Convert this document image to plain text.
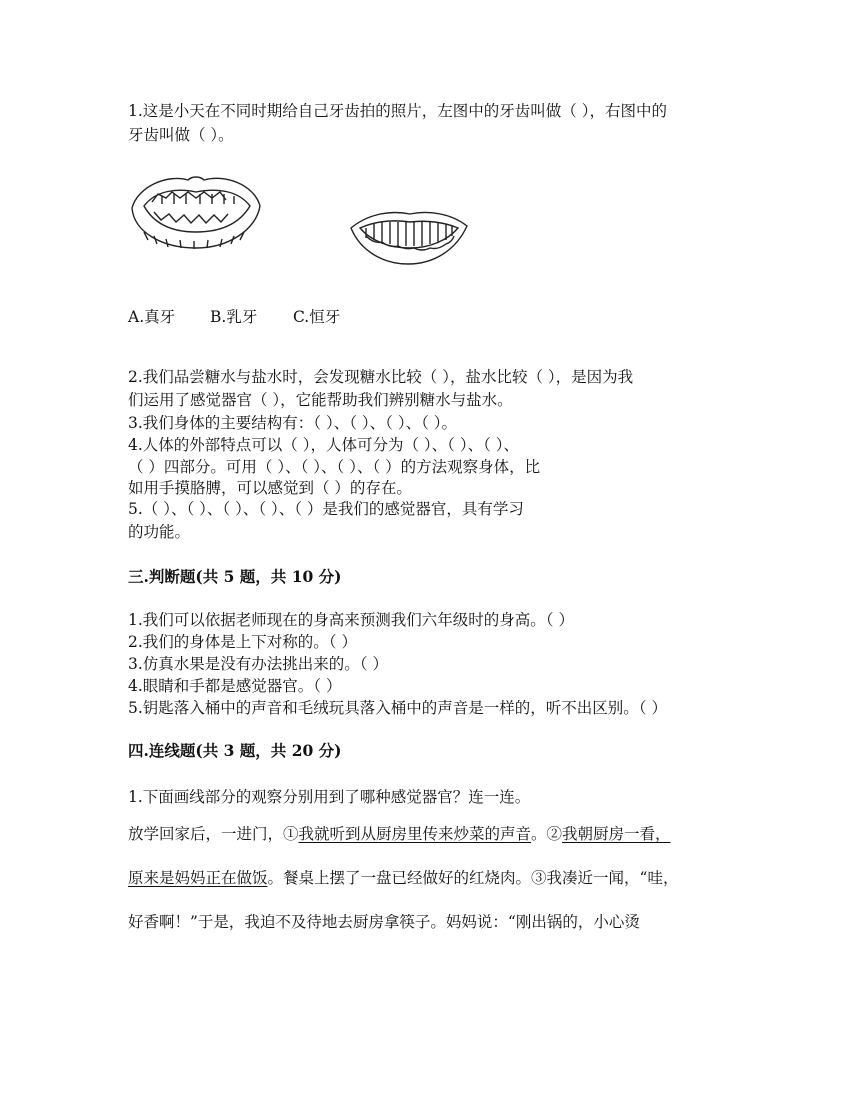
1.这是小天在不同时期给自己牙齿拍的照片，左图中的牙齿叫做（ ），右图中的
牙齿叫做（ ）。
A.真牙 B.乳牙 C.恒牙
2.我们品尝糖水与盐水时，会发现糖水比较（ ），盐水比较（ ），是因为我
们运用了感觉器官（ ），它能帮助我们辨别糖水与盐水。
3.我们身体的主要结构有：（ ）、（ ）、（ ）、（ ）。
4.人体的外部特点可以（ ），人体可分为（ ）、（ ）、（ ）、
（ ）四部分。可用（ ）、（ ）、（ ）、（ ）的方法观察身体，比
如用手摸胳膊，可以感觉到（ ）的存在。
5.（ ）、（ ）、（ ）、（ ）、（ ）是我们的感觉器官，具有学习
的功能。
三.判断题(共 5 题，共 10 分)
1.我们可以依据老师现在的身高来预测我们六年级时的身高。（ ）
2.我们的身体是上下对称的。（ ）
3.仿真水果是没有办法挑出来的。（ ）
4.眼睛和手都是感觉器官。（ ）
5.钥匙落入桶中的声音和毛绒玩具落入桶中的声音是一样的，听不出区别。（ ）
四.连线题(共 3 题，共 20 分)
1.下面画线部分的观察分别用到了哪种感觉器官？连一连。
放学回家后，一进门，①我就听到从厨房里传来炒菜的声音。②我朝厨房一看，
原来是妈妈正在做饭。餐桌上摆了一盘已经做好的红烧肉。③我凑近一闻，“哇，
好香啊！”于是，我迫不及待地去厨房拿筷子。妈妈说：“刚出锅的，小心烫
